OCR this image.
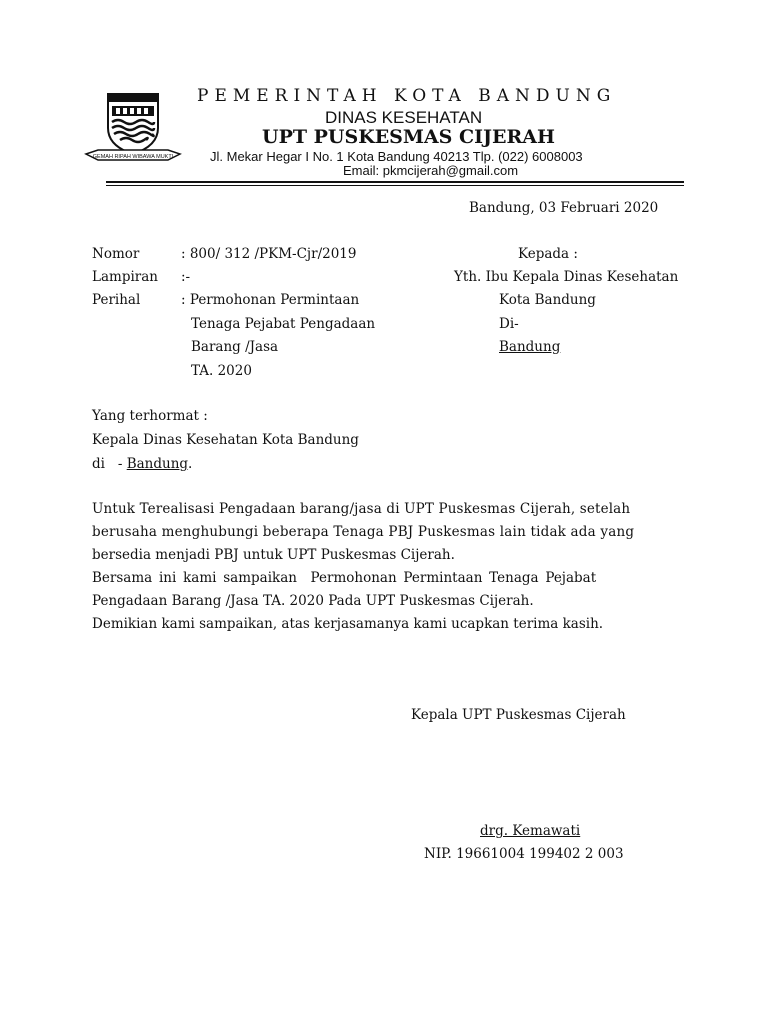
GEMAH RIPAH WIBAWA MUKTI
PEMERINTAH KOTA BANDUNG
DINAS KESEHATAN
UPT PUSKESMAS CIJERAH
Jl. Mekar Hegar I No. 1 Kota Bandung 40213 Tlp. (022) 6008003
Email: pkmcijerah@gmail.com
Bandung, 03 Februari 2020
Nomor	: 800/ 312 /PKM-Cjr/2019
Lampiran :-
Perihal	: Permohonan Permintaan
Tenaga Pejabat Pengadaan
Barang /Jasa
TA. 2020
Kepada :
Yth. Ibu Kepala Dinas Kesehatan
Kota Bandung
Di-
Bandung
Yang terhormat :
Kepala Dinas Kesehatan Kota Bandung
di   - Bandung.
Untuk Terealisasi Pengadaan barang/jasa di UPT Puskesmas Cijerah, setelah
berusaha menghubungi beberapa Tenaga PBJ Puskesmas lain tidak ada yang
bersedia menjadi PBJ untuk UPT Puskesmas Cijerah.
Bersama ini kami sampaikan  Permohonan Permintaan Tenaga Pejabat
Pengadaan Barang /Jasa TA. 2020 Pada UPT Puskesmas Cijerah.
Demikian kami sampaikan, atas kerjasamanya kami ucapkan terima kasih.
Kepala UPT Puskesmas Cijerah
drg. Kemawati
NIP. 19661004 199402 2 003
